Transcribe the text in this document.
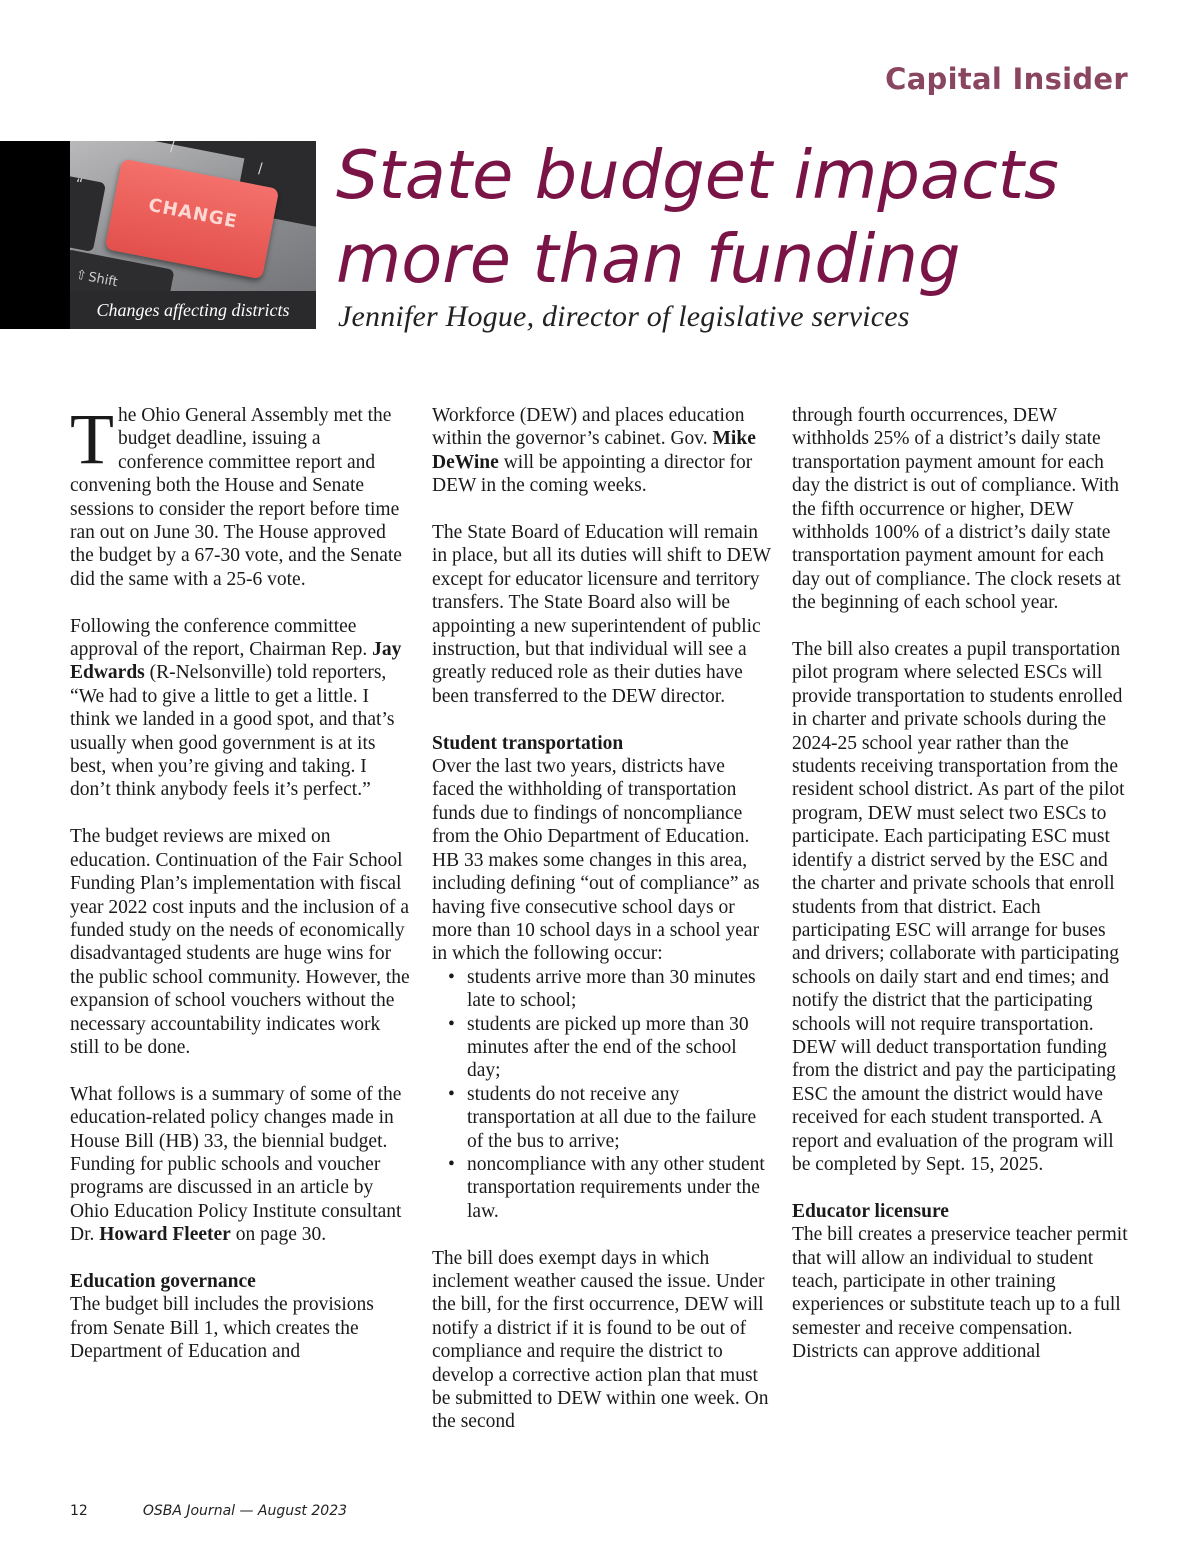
Capital Insider
/
“
/
CHANGE
⇧Shift
Changes affecting districts
State budget impacts
more than funding
Jennifer Hogue, director of legislative services

The Ohio General Assembly met the budget deadline, issuing a conference committee report and convening both the House and Senate sessions to consider the report before time ran out on June 30. The House approved the budget by a 67-30 vote, and the Senate did the same with a 25-6 vote.

Following the conference committee approval of the report, Chairman Rep. Jay Edwards (R-Nelsonville) told reporters, “We had to give a little to get a little. I think we landed in a good spot, and that’s usually when good government is at its best, when you’re giving and taking. I don’t think anybody feels it’s perfect.”

The budget reviews are mixed on education. Continuation of the Fair School Funding Plan’s implementation with fiscal year 2022 cost inputs and the inclusion of a funded study on the needs of economically disadvantaged students are huge wins for the public school community. However, the expansion of school vouchers without the necessary accountability indicates work still to be done.

What follows is a summary of some of the education-related policy changes made in House Bill (HB) 33, the biennial budget. Funding for public schools and voucher programs are discussed in an article by Ohio Education Policy Institute consultant Dr. Howard Fleeter on page 30.

Education governance

The budget bill includes the provisions from Senate Bill 1, which creates the Department of Education and

Workforce (DEW) and places education within the governor’s cabinet. Gov. Mike DeWine will be appointing a director for DEW in the coming weeks.

The State Board of Education will remain in place, but all its duties will shift to DEW except for educator licensure and territory transfers. The State Board also will be appointing a new superintendent of public instruction, but that individual will see a greatly reduced role as their duties have been transferred to the DEW director.

Student transportation

Over the last two years, districts have faced the withholding of transportation funds due to findings of noncompliance from the Ohio Department of Education. HB 33 makes some changes in this area, including defining “out of compliance” as having five consecutive school days or more than 10 school days in a school year in which the following occur:

• students arrive more than 30 minutes late to school;
• students are picked up more than 30 minutes after the end of the school day;
• students do not receive any transportation at all due to the failure of the bus to arrive;
• noncompliance with any other student transportation requirements under the law.

The bill does exempt days in which inclement weather caused the issue. Under the bill, for the first occurrence, DEW will notify a district if it is found to be out of compliance and require the district to develop a corrective action plan that must be submitted to DEW within one week. On the second

through fourth occurrences, DEW withholds 25% of a district’s daily state transportation payment amount for each day the district is out of compliance. With the fifth occurrence or higher, DEW withholds 100% of a district’s daily state transportation payment amount for each day out of compliance. The clock resets at the beginning of each school year.

The bill also creates a pupil transportation pilot program where selected ESCs will provide transportation to students enrolled in charter and private schools during the 2024-25 school year rather than the students receiving transportation from the resident school district. As part of the pilot program, DEW must select two ESCs to participate. Each participating ESC must identify a district served by the ESC and the charter and private schools that enroll students from that district. Each participating ESC will arrange for buses and drivers; collaborate with participating schools on daily start and end times; and notify the district that the participating schools will not require transportation. DEW will deduct transportation funding from the district and pay the participating ESC the amount the district would have received for each student transported. A report and evaluation of the program will be completed by Sept. 15, 2025.

Educator licensure

The bill creates a preservice teacher permit that will allow an individual to student teach, participate in other training experiences or substitute teach up to a full semester and receive compensation. Districts can approve additional

12	OSBA Journal — August 2023
